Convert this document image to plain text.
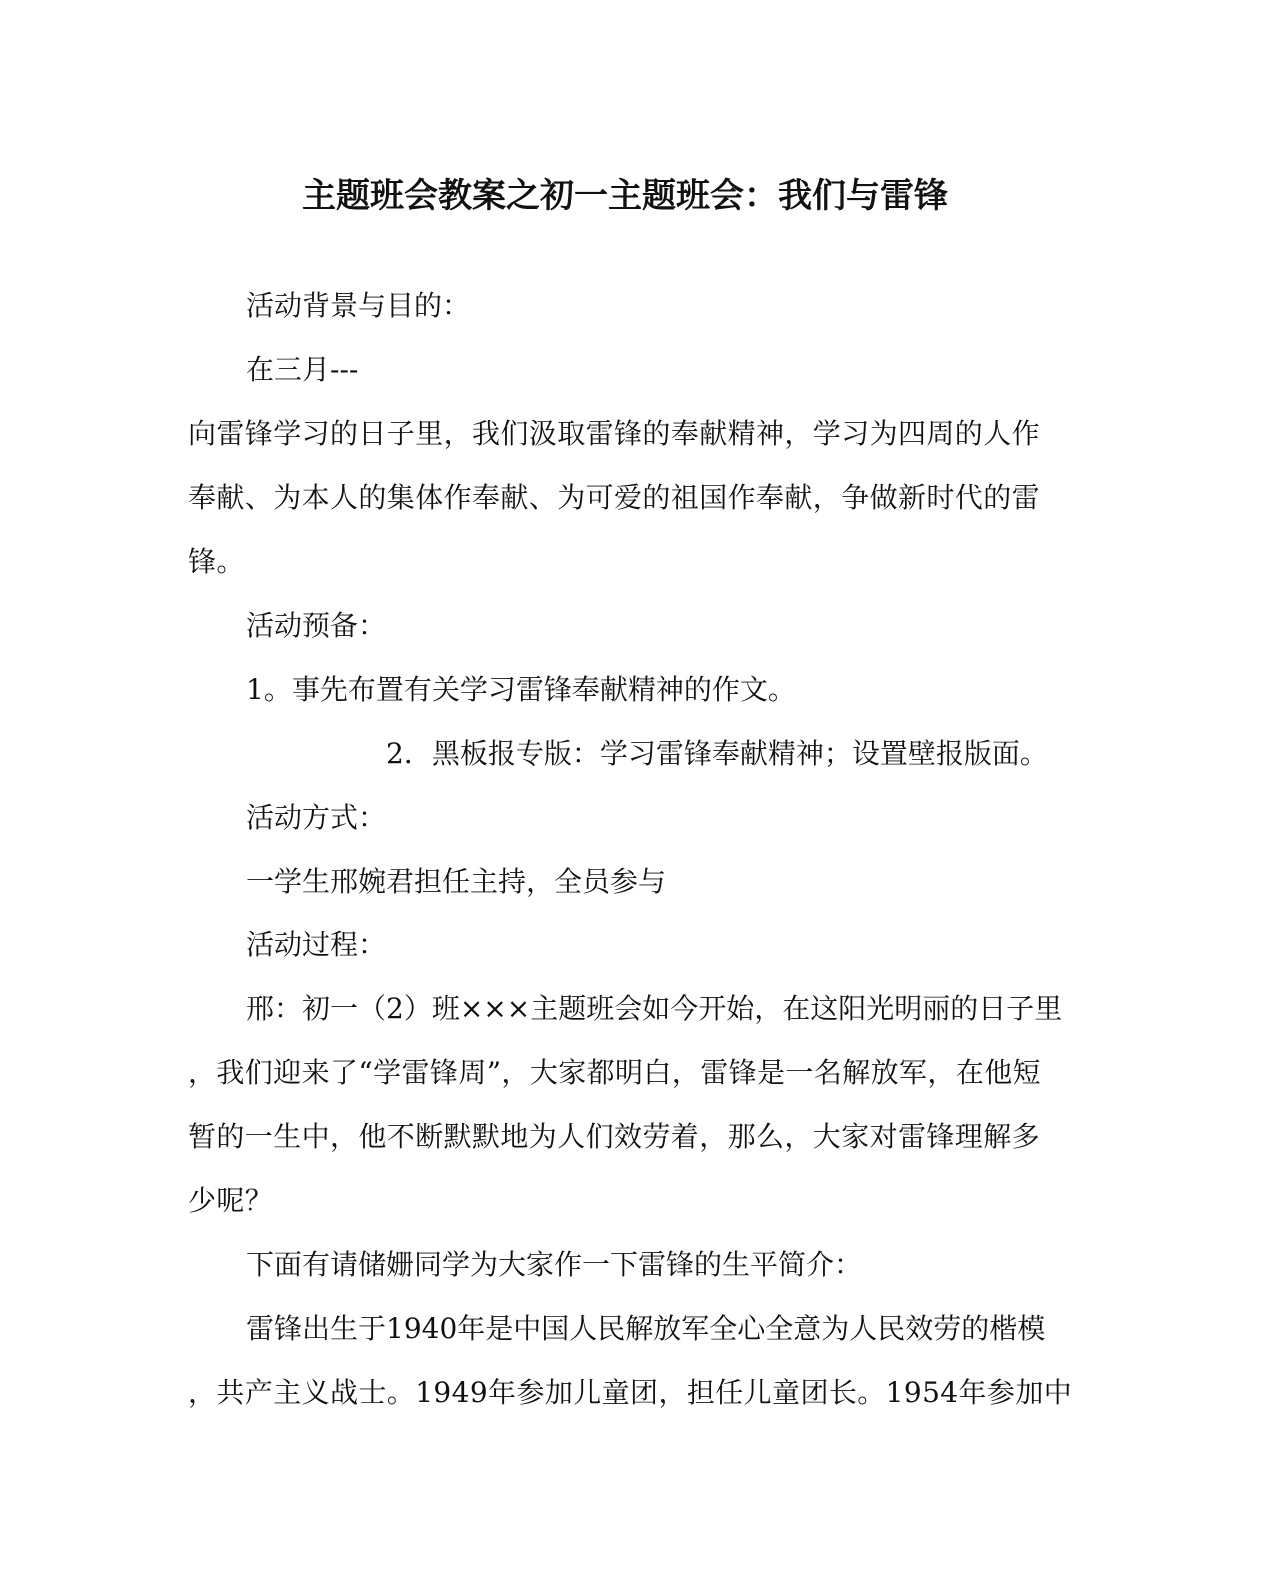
主题班会教案之初一主题班会：我们与雷锋

活动背景与目的：

在三月---

向雷锋学习的日子里，我们汲取雷锋的奉献精神，学习为四周的人作

奉献、为本人的集体作奉献、为可爱的祖国作奉献，争做新时代的雷

锋。

活动预备：

1。事先布置有关学习雷锋奉献精神的作文。

2．黑板报专版：学习雷锋奉献精神；设置壁报版面。

活动方式：

一学生邢婉君担任主持，全员参与

活动过程：

邢：初一（2）班×××主题班会如今开始，在这阳光明丽的日子里

，我们迎来了“学雷锋周”，大家都明白，雷锋是一名解放军，在他短

暂的一生中，他不断默默地为人们效劳着，那么，大家对雷锋理解多

少呢？

下面有请储姗同学为大家作一下雷锋的生平简介：

雷锋出生于1940年是中国人民解放军全心全意为人民效劳的楷模

，共产主义战士。1949年参加儿童团，担任儿童团长。1954年参加中
